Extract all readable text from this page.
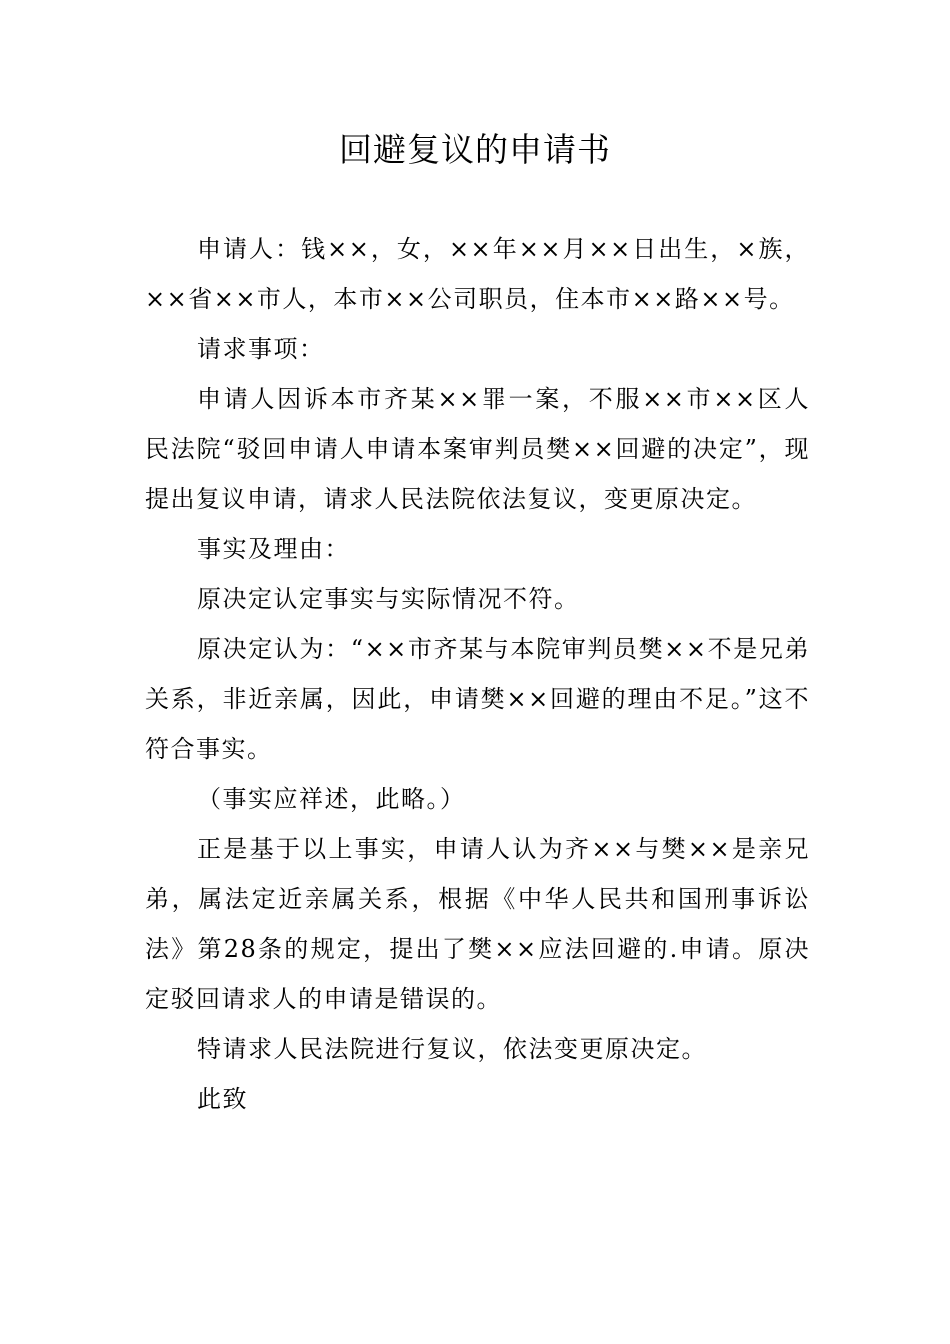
回避复议的申请书

申请人：钱××，女，××年××月××日出生，×族，××省××市人，本市××公司职员，住本市××路××号。

请求事项：

申请人因诉本市齐某××罪一案，不服××市××区人民法院“驳回申请人申请本案审判员樊××回避的决定”，现提出复议申请，请求人民法院依法复议，变更原决定。

事实及理由：

原决定认定事实与实际情况不符。

原决定认为：“××市齐某与本院审判员樊××不是兄弟关系，非近亲属，因此，申请樊××回避的理由不足。”这不符合事实。

（事实应祥述，此略。）

正是基于以上事实，申请人认为齐××与樊××是亲兄弟，属法定近亲属关系，根据《中华人民共和国刑事诉讼法》第28条的规定，提出了樊××应法回避的.申请。原决定驳回请求人的申请是错误的。

特请求人民法院进行复议，依法变更原决定。

此致
